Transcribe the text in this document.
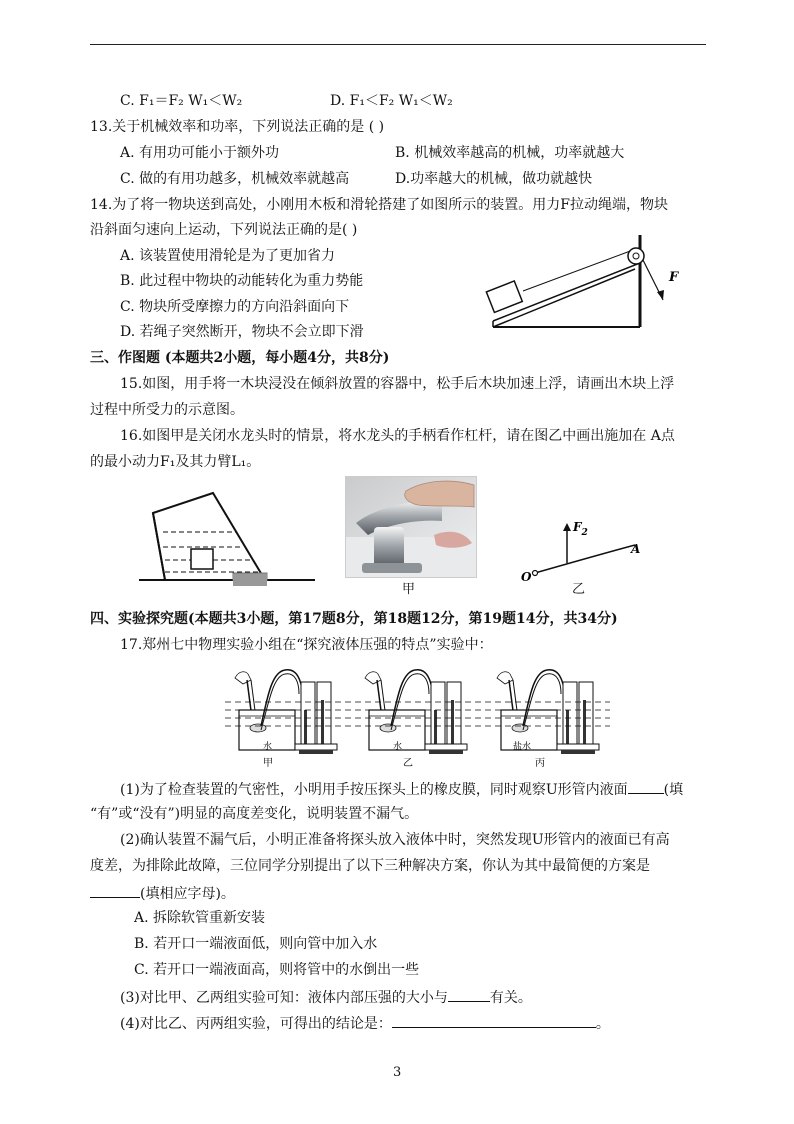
C. F₁＝F₂ W₁＜W₂	D. F₁＜F₂ W₁＜W₂
13.关于机械效率和功率，下列说法正确的是 ( )
A. 有用功可能小于额外功	B. 机械效率越高的机械，功率就越大
C. 做的有用功越多，机械效率就越高	D.功率越大的机械，做功就越快
14.为了将一物块送到高处，小刚用木板和滑轮搭建了如图所示的装置。用力F拉动绳端，物块
沿斜面匀速向上运动，下列说法正确的是( )
A. 该装置使用滑轮是为了更加省力
B. 此过程中物块的动能转化为重力势能
C. 物块所受摩擦力的方向沿斜面向下
D. 若绳子突然断开，物块不会立即下滑
F
三、作图题 (本题共2小题，每小题4分，共8分)
15.如图，用手将一木块浸没在倾斜放置的容器中，松手后木块加速上浮，请画出木块上浮
过程中所受力的示意图。
16.如图甲是关闭水龙头时的情景，将水龙头的手柄看作杠杆，请在图乙中画出施加在 A点
的最小动力F₁及其力臂L₁。
甲
$F_2$
A
O
乙
四、实验探究题(本题共3小题，第17题8分，第18题12分，第19题14分，共34分)
17.郑州七中物理实验小组在“探究液体压强的特点”实验中：
水	水	盐水
甲	乙	丙
(1)为了检查装置的气密性，小明用手按压探头上的橡皮膜，同时观察U形管内液面	(填
“有”或“没有”)明显的高度差变化，说明装置不漏气。
(2)确认装置不漏气后，小明正准备将探头放入液体中时，突然发现U形管内的液面已有高
度差，为排除此故障，三位同学分别提出了以下三种解决方案，你认为其中最简便的方案是
(填相应字母)。
A. 拆除软管重新安装
B. 若开口一端液面低，则向管中加入水
C. 若开口一端液面高，则将管中的水倒出一些
(3)对比甲、乙两组实验可知：液体内部压强的大小与	有关。
(4)对比乙、丙两组实验，可得出的结论是：	。
3
